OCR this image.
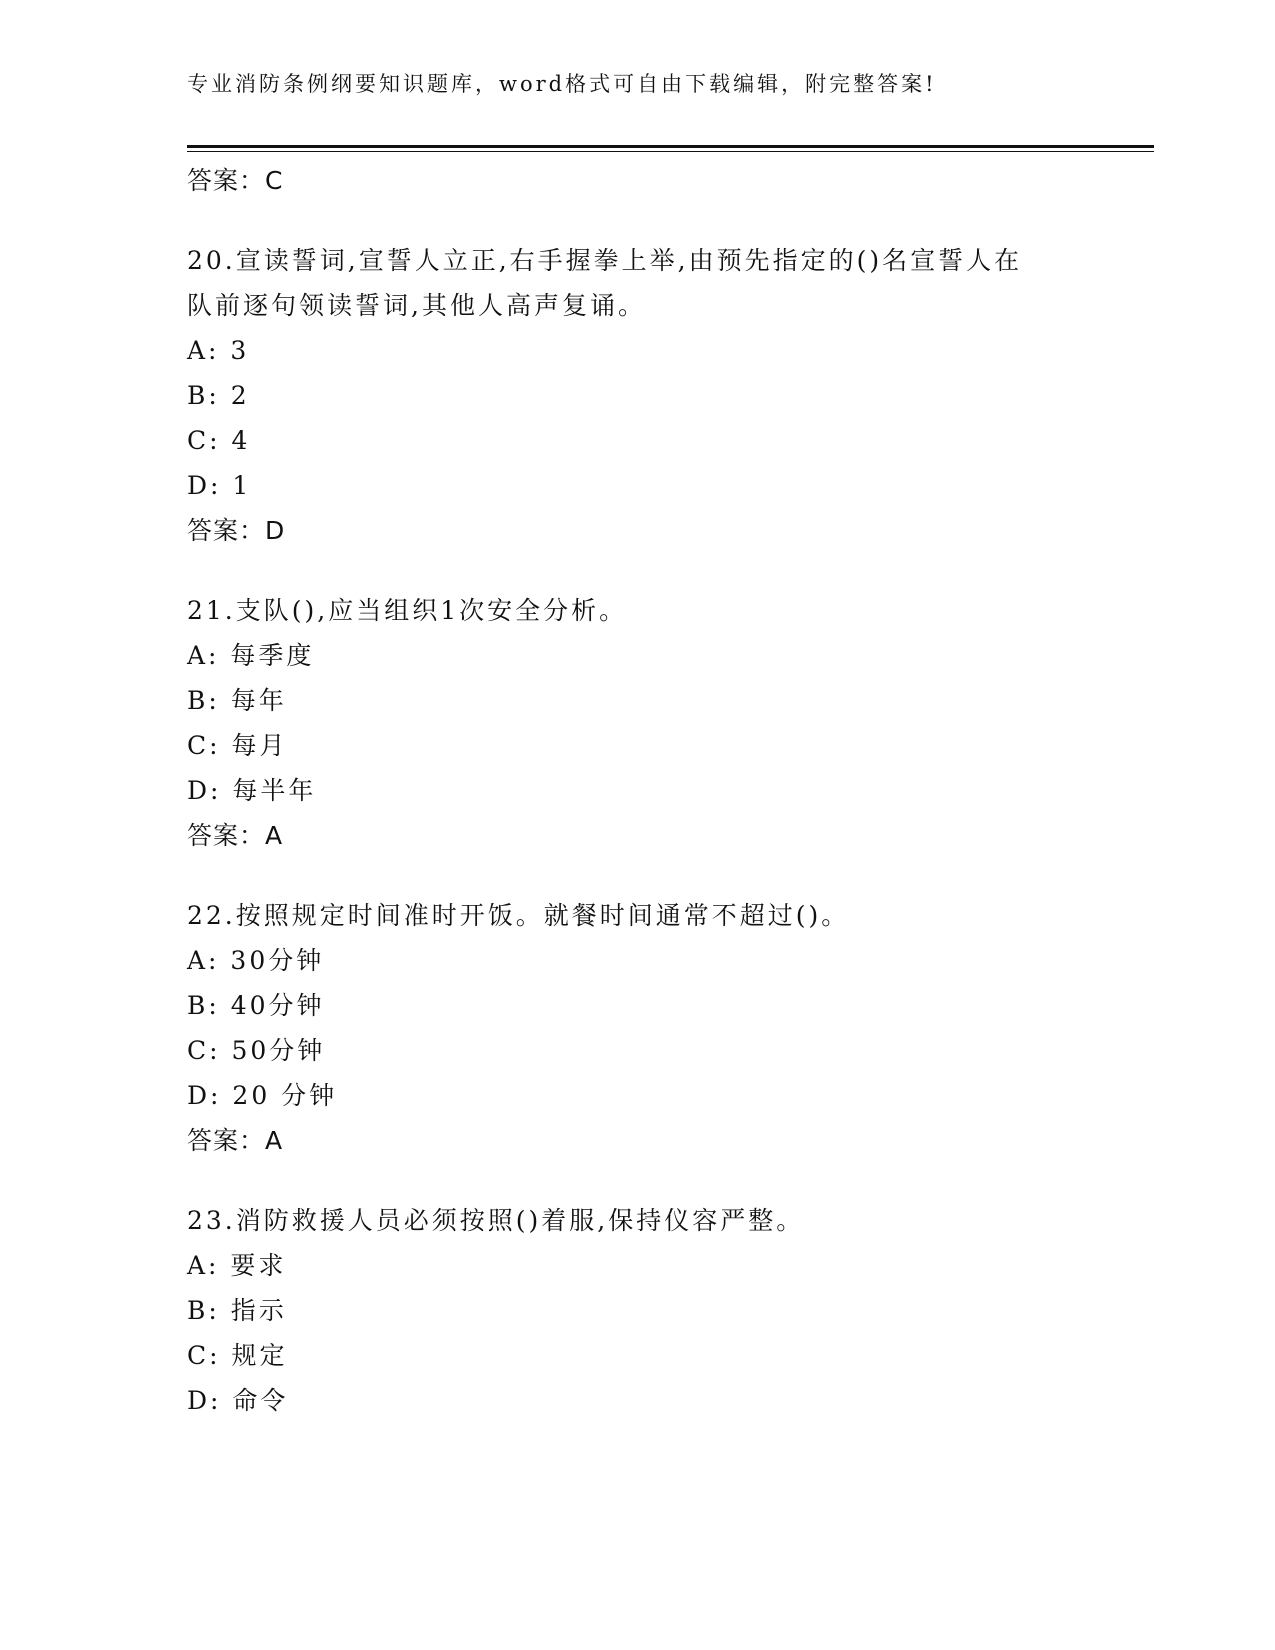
专业消防条例纲要知识题库，word格式可自由下载编辑，附完整答案!
答案：C
20.宣读誓词,宣誓人立正,右手握拳上举,由预先指定的()名宣誓人在
队前逐句领读誓词,其他人高声复诵。
A: 3
B: 2
C: 4
D: 1
答案：D
21.支队(),应当组织1次安全分析。
A: 每季度
B: 每年
C: 每月
D: 每半年
答案：A
22.按照规定时间准时开饭。就餐时间通常不超过()。
A: 30分钟
B: 40分钟
C: 50分钟
D: 20 分钟
答案：A
23.消防救援人员必须按照()着服,保持仪容严整。
A: 要求
B: 指示
C: 规定
D: 命令
